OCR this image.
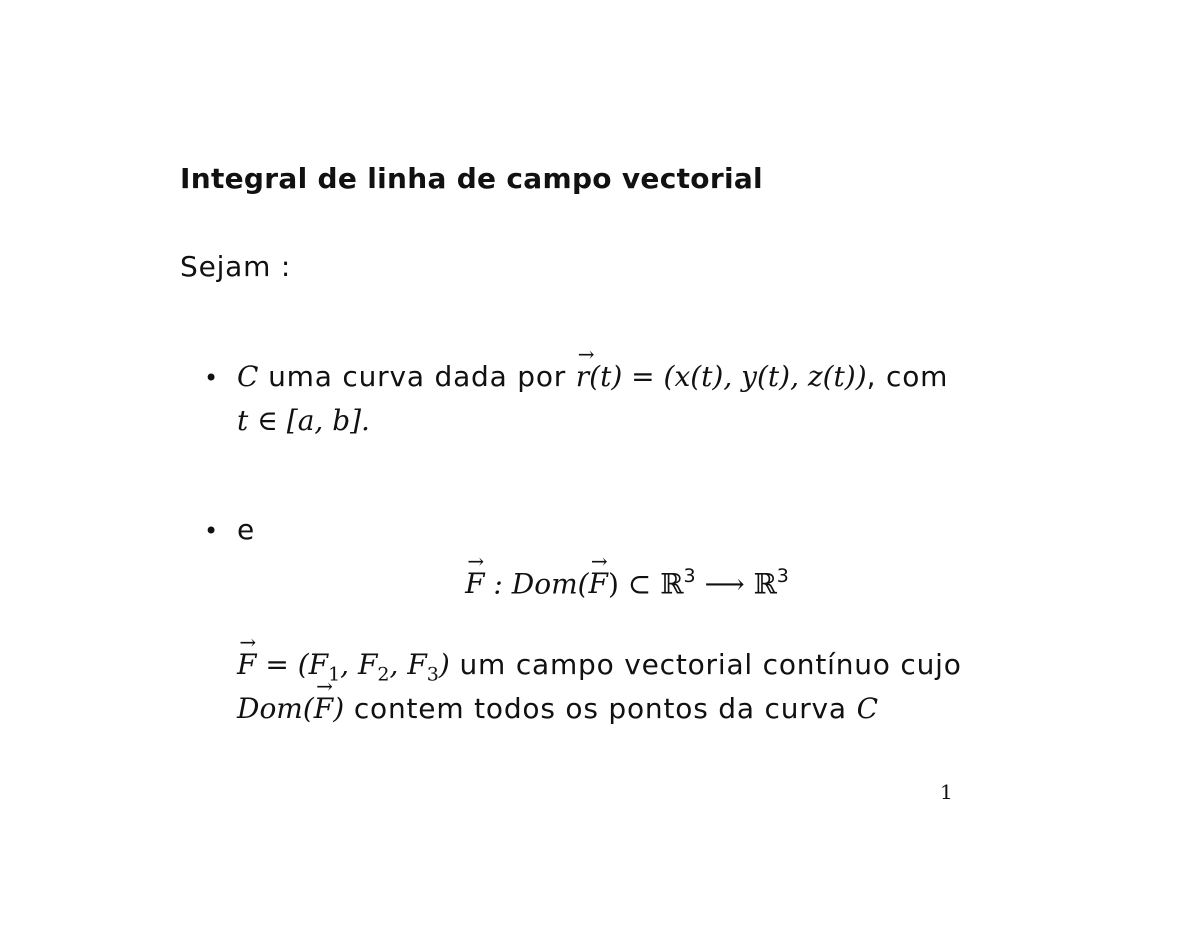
Integral de linha de campo vectorial
Sejam :
• C uma curva dada por → r(t) = (x(t), y(t), z(t)), com
t ∈ [a, b].
• e
→ F : Dom(→ F) ⊂ ℝ$^3$ ⟶ ℝ$^3$
→ $F = (F_1$, $F_2$, $F_3$) um campo vectorial contínuo cujo
Dom(→ F) contem todos os pontos da curva C
1
